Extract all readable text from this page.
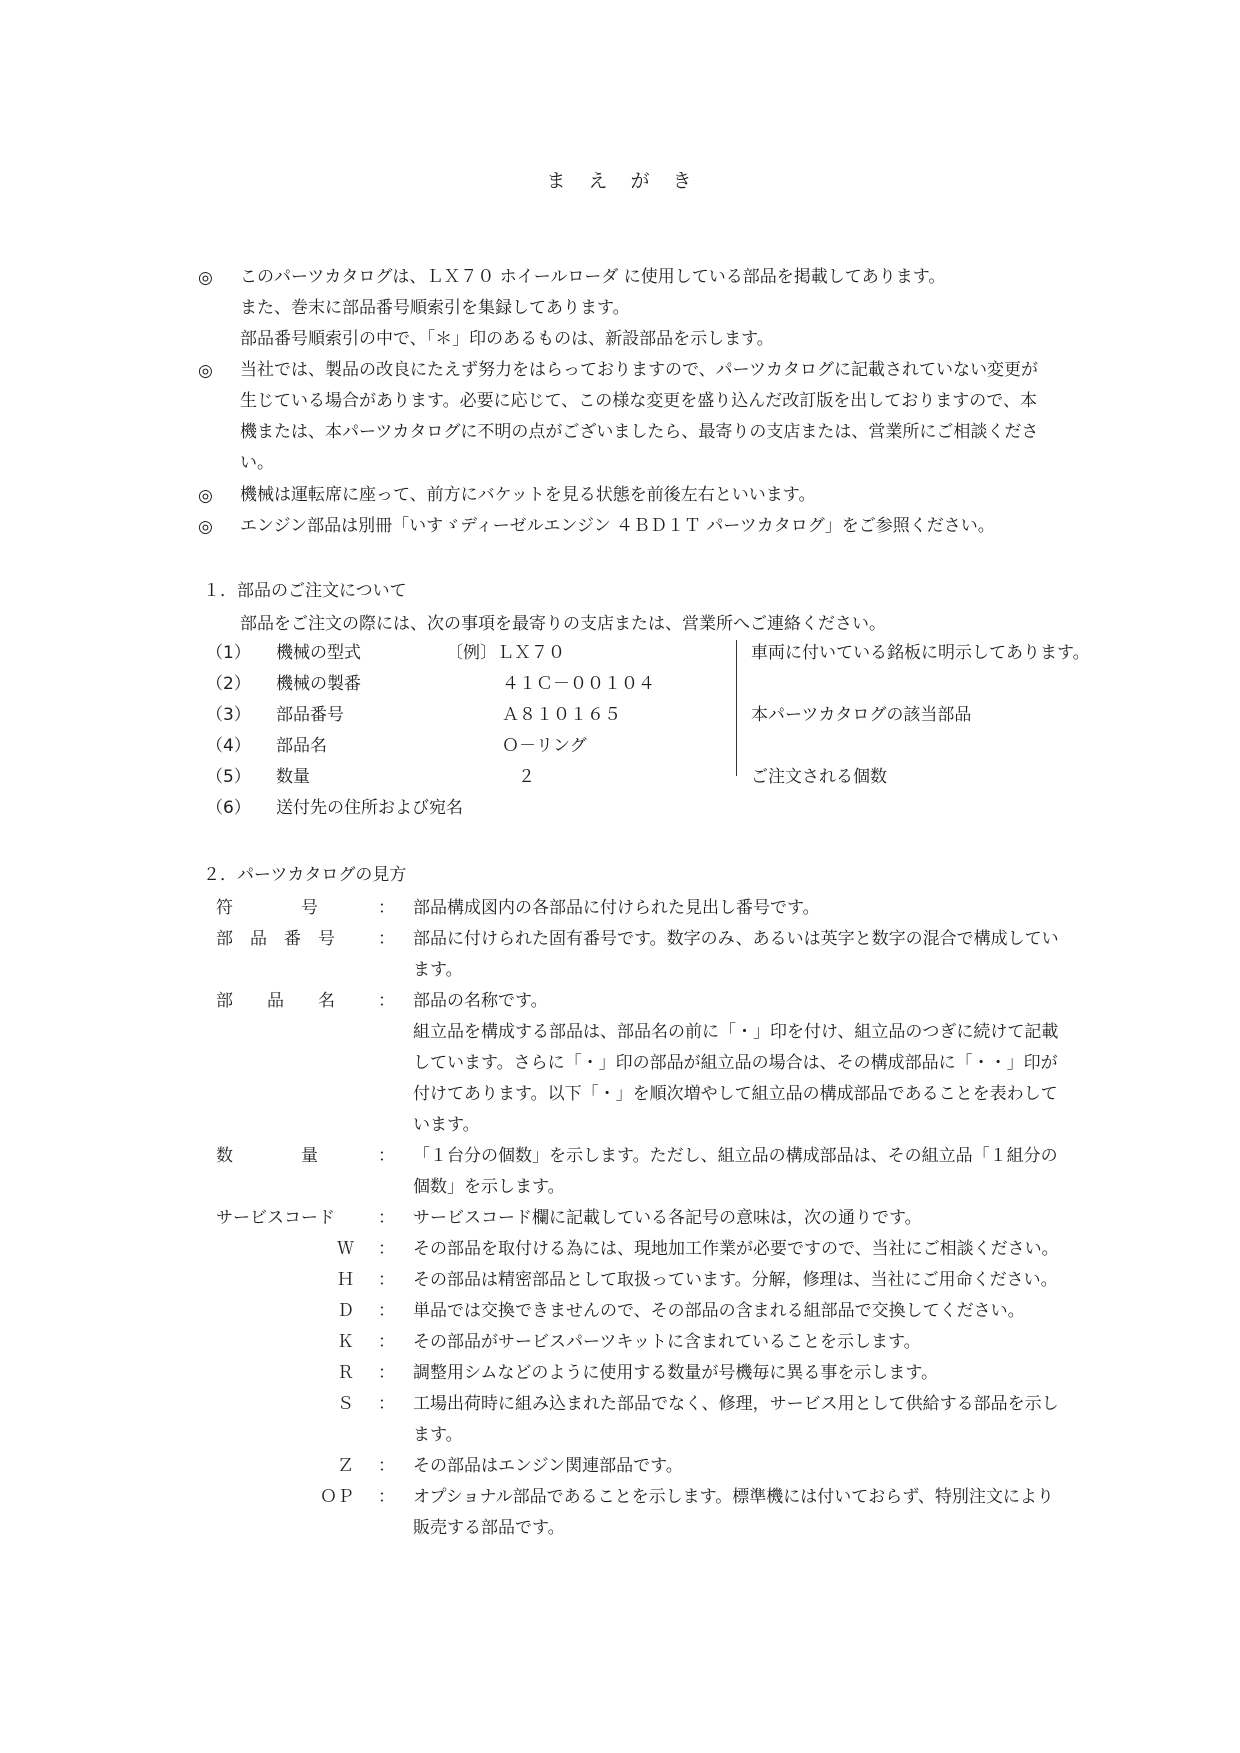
ま　え　が　き
◎ このパーツカタログは、ＬＸ７０ ホイールローダ に使用している部品を掲載してあります。
また、巻末に部品番号順索引を集録してあります。
部品番号順索引の中で、「＊」印のあるものは、新設部品を示します。
◎ 当社では、製品の改良にたえず努力をはらっておりますので、パーツカタログに記載されていない変更が
生じている場合があります。必要に応じて、この様な変更を盛り込んだ改訂版を出しておりますので、本
機または、本パーツカタログに不明の点がございましたら、最寄りの支店または、営業所にご相談くださ
い。
◎ 機械は運転席に座って、前方にバケットを見る状態を前後左右といいます。
◎ エンジン部品は別冊「いすゞディーゼルエンジン ４ＢＤ１Ｔ パーツカタログ」をご参照ください。
１．部品のご注文について
部品をご注文の際には、次の事項を最寄りの支店または、営業所へご連絡ください。
（1） 機械の型式	〔例〕ＬＸ７０	車両に付いている銘板に明示してあります。
（2） 機械の製番	４１Ｃ－００１０４
（3） 部品番号	Ａ８１０１６５	本パーツカタログの該当部品
（4） 部品名	Ｏ－リング
（5） 数量	２	ご注文される個数
（6） 送付先の住所および宛名
２．パーツカタログの見方
符　　　　号	： 部品構成図内の各部品に付けられた見出し番号です。
部　品　番　号	： 部品に付けられた固有番号です。数字のみ、あるいは英字と数字の混合で構成してい
ます。
部　　品　　名	： 部品の名称です。
組立品を構成する部品は、部品名の前に「・」印を付け、組立品のつぎに続けて記載
しています。さらに「・」印の部品が組立品の場合は、その構成部品に「・・」印が
付けてあります。以下「・」を順次増やして組立品の構成部品であることを表わして
います。
数　　　　量	： 「１台分の個数」を示します。ただし、組立品の構成部品は、その組立品「１組分の
個数」を示します。
サービスコード	： サービスコード欄に記載している各記号の意味は，次の通りです。
Ｗ ： その部品を取付ける為には、現地加工作業が必要ですので、当社にご相談ください。
Ｈ ： その部品は精密部品として取扱っています。分解，修理は、当社にご用命ください。
Ｄ ： 単品では交換できませんので、その部品の含まれる組部品で交換してください。
Ｋ ： その部品がサービスパーツキットに含まれていることを示します。
Ｒ ： 調整用シムなどのように使用する数量が号機毎に異る事を示します。
Ｓ ： 工場出荷時に組み込まれた部品でなく、修理，サービス用として供給する部品を示し
ます。
Ｚ ： その部品はエンジン関連部品です。
ＯＰ ： オプショナル部品であることを示します。標準機には付いておらず、特別注文により
販売する部品です。
